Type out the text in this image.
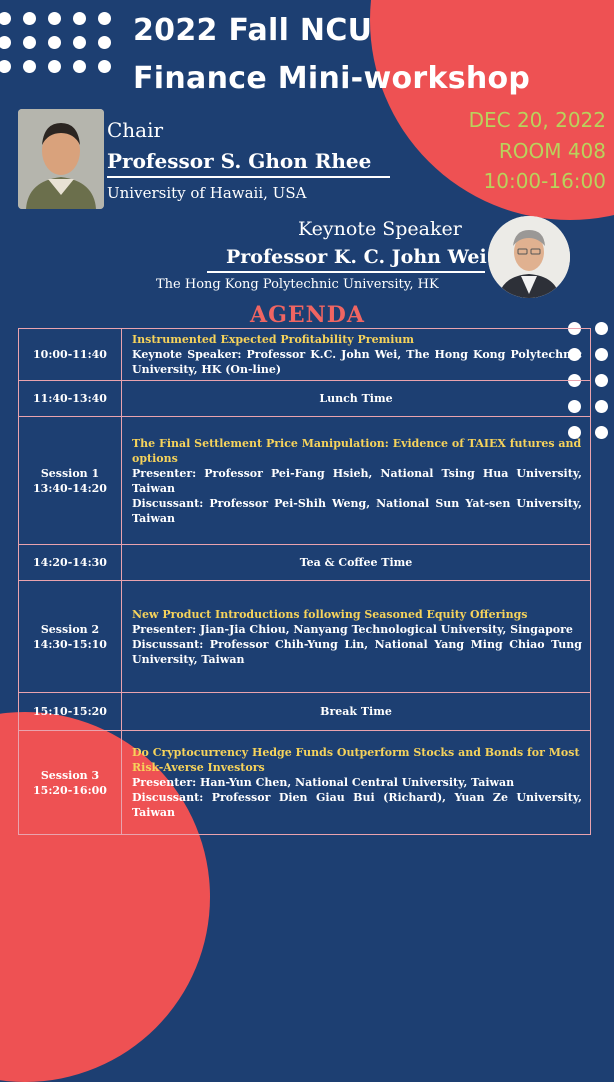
2022 Fall NCU
Finance Mini-workshop
DEC 20, 2022
ROOM 408
10:00-16:00
Chair
Professor S. Ghon Rhee
University of Hawaii, USA
Keynote Speaker
Professor K. C. John Wei
The Hong Kong Polytechnic University, HK
AGENDA
10:00-11:40	Instrumented Expected Profitability Premium
Keynote Speaker: Professor K.C. John Wei, The Hong Kong Polytechnic University, HK (On-line)

11:40-13:40	Lunch Time

Session 1
13:40-14:20	The Final Settlement Price Manipulation: Evidence of TAIEX futures and options
Presenter: Professor Pei-Fang Hsieh, National Tsing Hua University, Taiwan
Discussant: Professor Pei-Shih Weng, National Sun Yat-sen University, Taiwan

14:20-14:30	Tea & Coffee Time

Session 2
14:30-15:10	New Product Introductions following Seasoned Equity Offerings
Presenter: Jian-Jia Chiou, Nanyang Technological University, Singapore
Discussant: Professor Chih-Yung Lin, National Yang Ming Chiao Tung University, Taiwan

15:10-15:20	Break Time

Session 3
15:20-16:00	Do Cryptocurrency Hedge Funds Outperform Stocks and Bonds for Most Risk-Averse Investors
Presenter: Han-Yun Chen, National Central University, Taiwan
Discussant: Professor Dien Giau Bui (Richard), Yuan Ze University, Taiwan
